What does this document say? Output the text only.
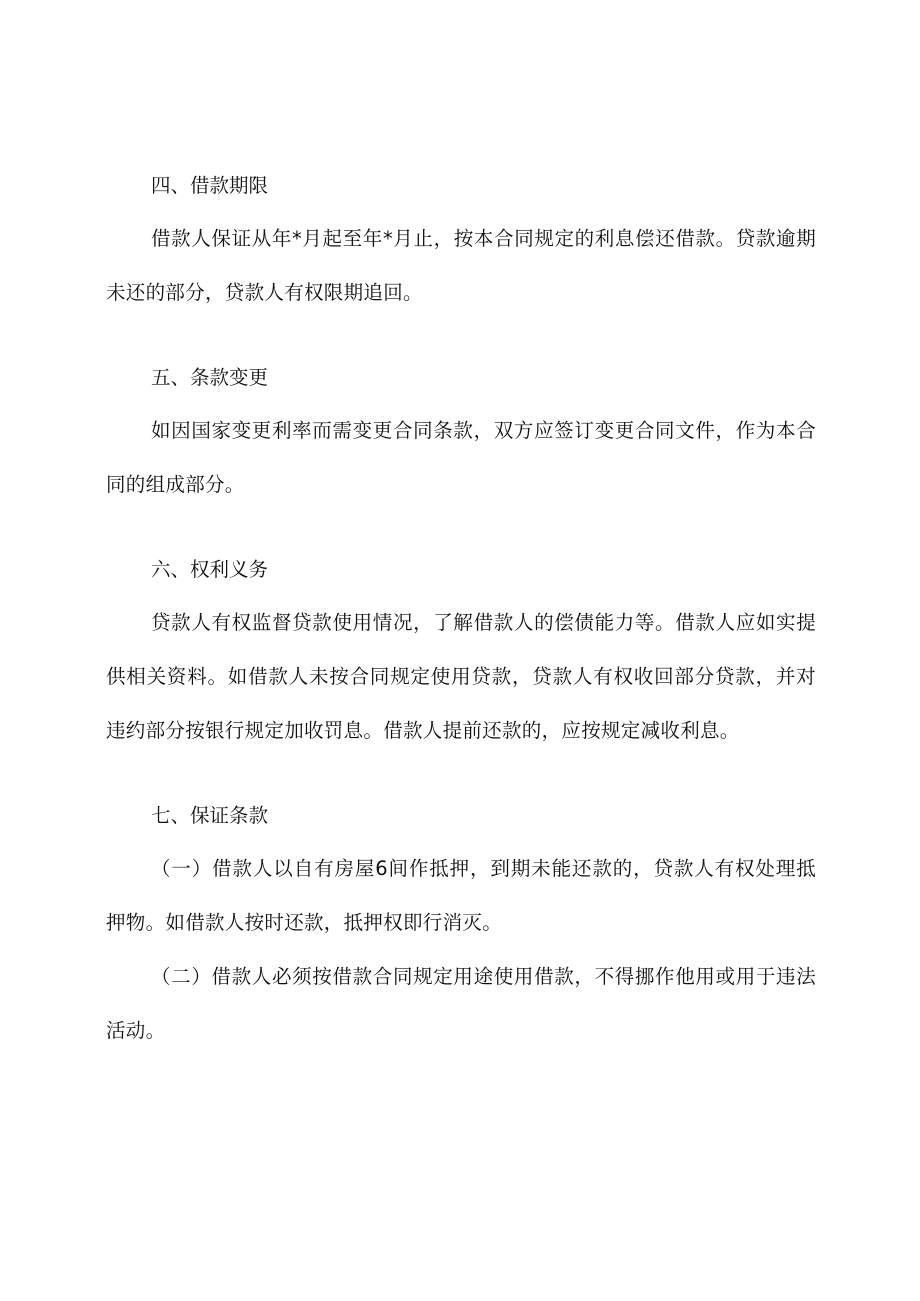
四、借款期限

借款人保证从年*月起至年*月止，按本合同规定的利息偿还借款。贷款逾期未还的部分，贷款人有权限期追回。

五、条款变更

如因国家变更利率而需变更合同条款，双方应签订变更合同文件，作为本合同的组成部分。

六、权利义务

贷款人有权监督贷款使用情况，了解借款人的偿债能力等。借款人应如实提供相关资料。如借款人未按合同规定使用贷款，贷款人有权收回部分贷款，并对违约部分按银行规定加收罚息。借款人提前还款的，应按规定减收利息。

七、保证条款

（一）借款人以自有房屋6间作抵押，到期未能还款的，贷款人有权处理抵押物。如借款人按时还款，抵押权即行消灭。

（二）借款人必须按借款合同规定用途使用借款，不得挪作他用或用于违法活动。
